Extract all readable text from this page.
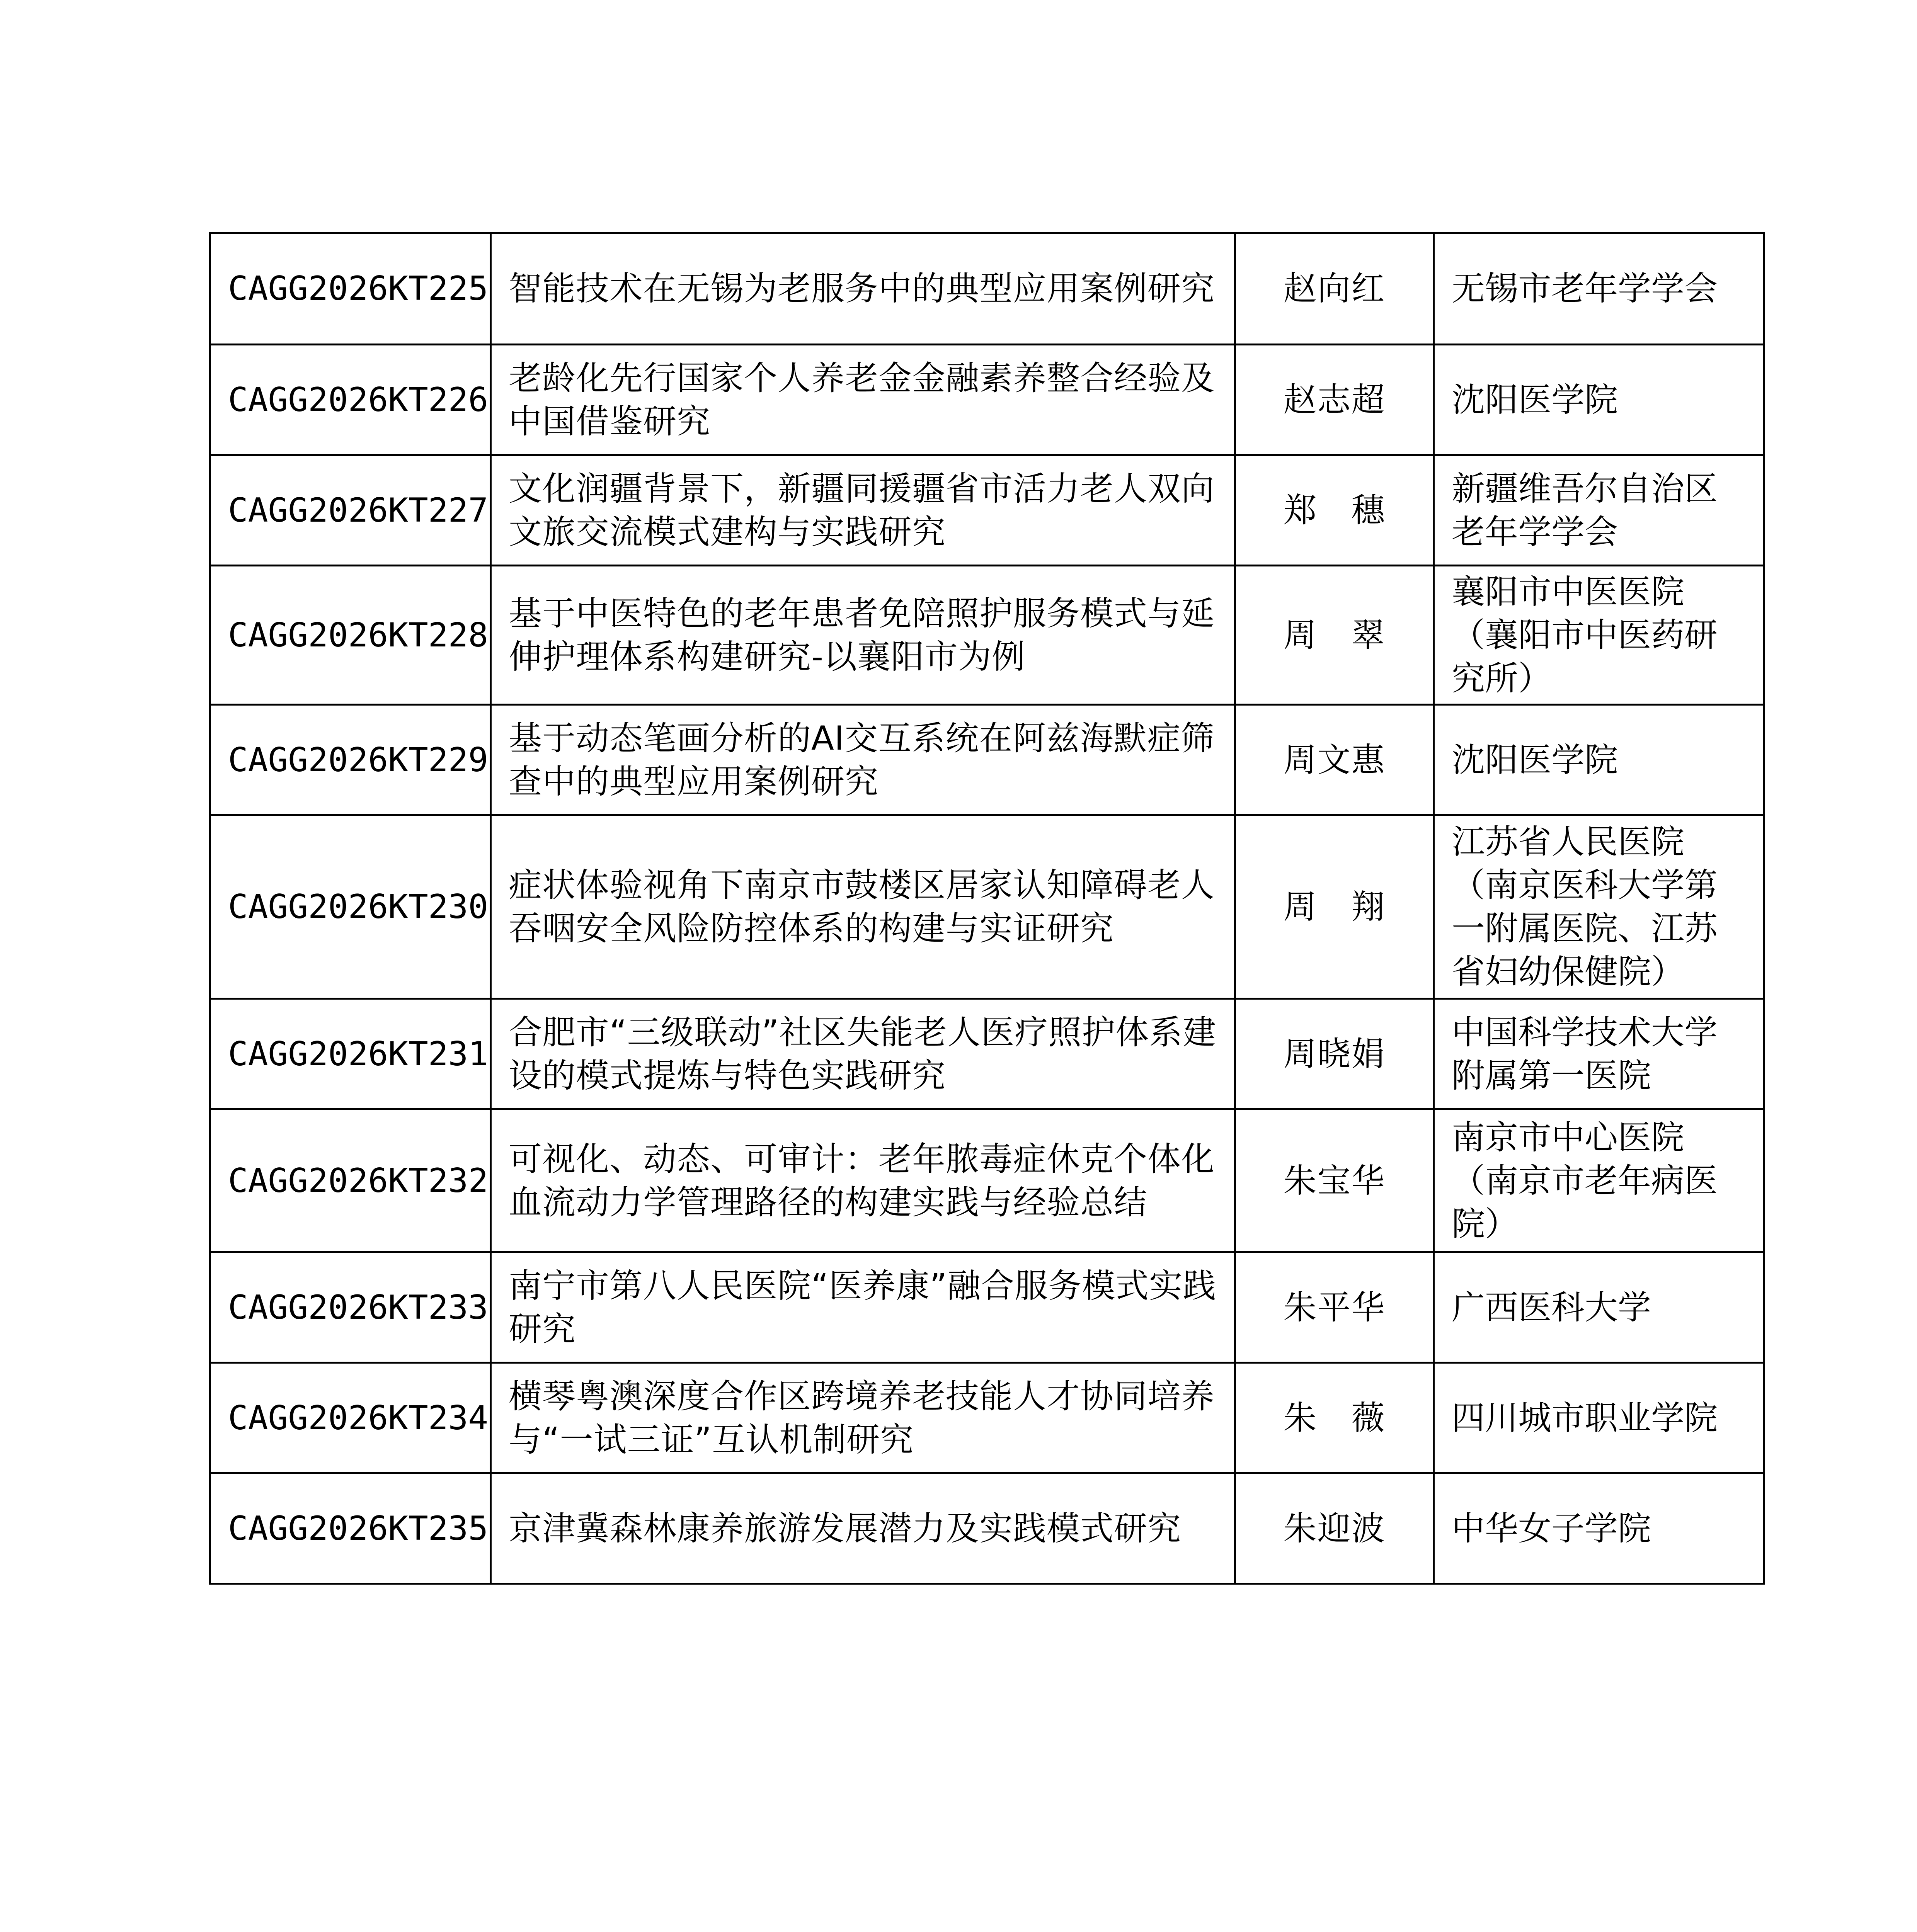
CAGG2026KT225	智能技术在无锡为老服务中的典型应用案例研究	赵向红	无锡市老年学学会
CAGG2026KT226	老龄化先行国家个人养老金金融素养整合经验及中国借鉴研究	赵志超	沈阳医学院
CAGG2026KT227	文化润疆背景下，新疆同援疆省市活力老人双向文旅交流模式建构与实践研究	郑　穗	新疆维吾尔自治区老年学学会
CAGG2026KT228	基于中医特色的老年患者免陪照护服务模式与延伸护理体系构建研究-以襄阳市为例	周　翠	襄阳市中医医院（襄阳市中医药研究所）
CAGG2026KT229	基于动态笔画分析的AI交互系统在阿兹海默症筛查中的典型应用案例研究	周文惠	沈阳医学院
CAGG2026KT230	症状体验视角下南京市鼓楼区居家认知障碍老人吞咽安全风险防控体系的构建与实证研究	周　翔	江苏省人民医院（南京医科大学第一附属医院、江苏省妇幼保健院）
CAGG2026KT231	合肥市“三级联动”社区失能老人医疗照护体系建设的模式提炼与特色实践研究	周晓娟	中国科学技术大学附属第一医院
CAGG2026KT232	可视化、动态、可审计：老年脓毒症休克个体化血流动力学管理路径的构建实践与经验总结	朱宝华	南京市中心医院（南京市老年病医院）
CAGG2026KT233	南宁市第八人民医院“医养康”融合服务模式实践研究	朱平华	广西医科大学
CAGG2026KT234	横琴粤澳深度合作区跨境养老技能人才协同培养与“一试三证”互认机制研究	朱　薇	四川城市职业学院
CAGG2026KT235	京津冀森林康养旅游发展潜力及实践模式研究	朱迎波	中华女子学院
